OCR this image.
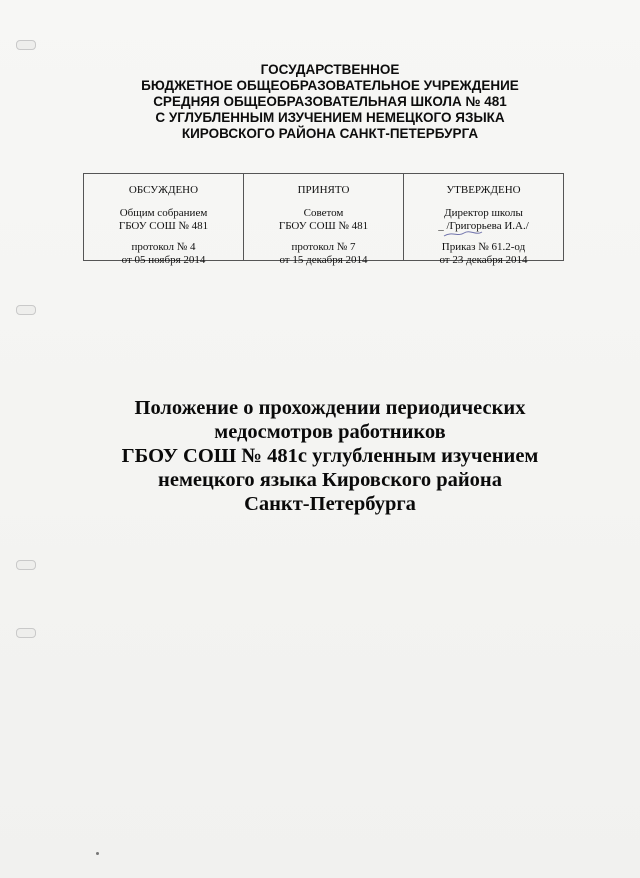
ГОСУДАРСТВЕННОЕ
БЮДЖЕТНОЕ ОБЩЕОБРАЗОВАТЕЛЬНОЕ УЧРЕЖДЕНИЕ
СРЕДНЯЯ ОБЩЕОБРАЗОВАТЕЛЬНАЯ ШКОЛА № 481
С УГЛУБЛЕННЫМ ИЗУЧЕНИЕМ НЕМЕЦКОГО ЯЗЫКА
КИРОВСКОГО РАЙОНА САНКТ-ПЕТЕРБУРГА
ОБСУЖДЕНО
Общим собранием
ГБОУ СОШ № 481
протокол № 4
от 05 ноября 2014
ПРИНЯТО
Советом
ГБОУ СОШ № 481
протокол № 7
от 15 декабря 2014
УТВЕРЖДЕНО
Директор школы
_ /Григорьева И.А./
Приказ № 61.2-од
от 23 декабря 2014
Положение о прохождении периодических
медосмотров работников
ГБОУ СОШ № 481с углубленным изучением
немецкого языка Кировского района
Санкт-Петербурга
